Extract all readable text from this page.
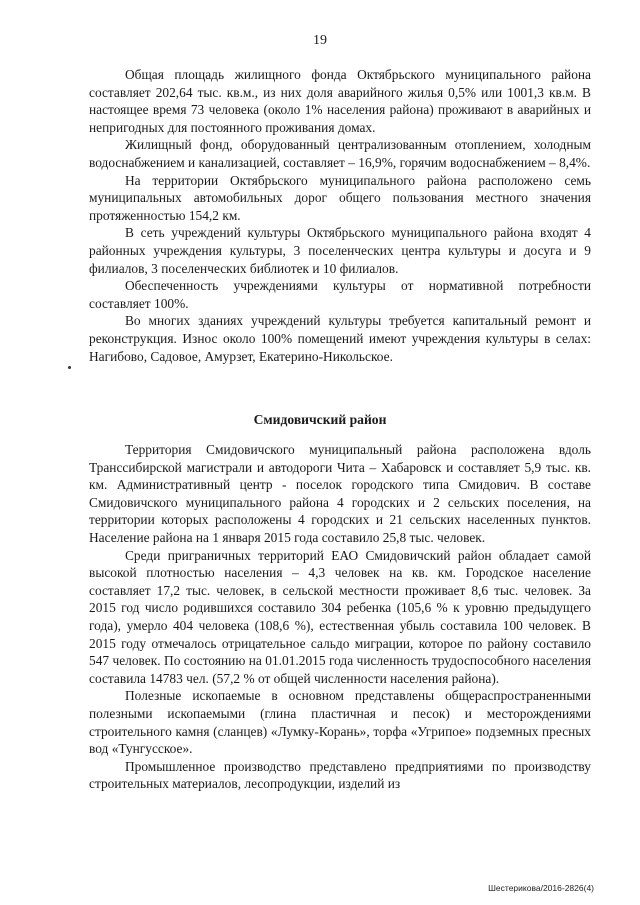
19

Общая площадь жилищного фонда Октябрьского муниципального района составляет 202,64 тыс. кв.м., из них доля аварийного жилья 0,5% или 1001,3 кв.м. В настоящее время 73 человека (около 1% населения района) проживают в аварийных и непригодных для постоянного проживания домах.

Жилищный фонд, оборудованный централизованным отоплением, холодным водоснабжением и канализацией, составляет – 16,9%, горячим водоснабжением – 8,4%.

На территории Октябрьского муниципального района расположено семь муниципальных автомобильных дорог общего пользования местного значения протяженностью 154,2 км.

В сеть учреждений культуры Октябрьского муниципального района входят 4 районных учреждения культуры, 3 поселенческих центра культуры и досуга и 9 филиалов, 3 поселенческих библиотек и 10 филиалов.

Обеспеченность учреждениями культуры от нормативной потребности составляет 100%.

Во многих зданиях учреждений культуры требуется капитальный ремонт и реконструкция. Износ около 100% помещений имеют учреждения культуры в селах: Нагибово, Садовое, Амурзет, Екатерино-Никольское.

Смидовичский район

Территория Смидовичского муниципальный района расположена вдоль Транссибирской магистрали и автодороги Чита – Хабаровск и составляет 5,9 тыс. кв. км. Административный центр - поселок городского типа Смидович. В составе Смидовичского муниципального района 4 городских и 2 сельских поселения, на территории которых расположены 4 городских и 21 сельских населенных пунктов. Население района на 1 января 2015 года составило 25,8 тыс. человек.

Среди приграничных территорий ЕАО Смидовичский район обладает самой высокой плотностью населения – 4,3 человек на кв. км. Городское население составляет 17,2 тыс. человек, в сельской местности проживает 8,6 тыс. человек. За 2015 год число родившихся составило 304 ребенка (105,6 % к уровню предыдущего года), умерло 404 человека (108,6 %), естественная убыль составила 100 человек. В 2015 году отмечалось отрицательное сальдо миграции, которое по району составило 547 человек. По состоянию на 01.01.2015 года численность трудоспособного населения составила 14783 чел. (57,2 % от общей численности населения района).

Полезные ископаемые в основном представлены общераспространенными полезными ископаемыми (глина пластичная и песок) и месторождениями строительного камня (сланцев) «Лумку-Корань», торфа «Угрипое» подземных пресных вод «Тунгусское».

Промышленное производство представлено предприятиями по производству строительных материалов, лесопродукции, изделий из

Шестерикова/2016-2826(4)
